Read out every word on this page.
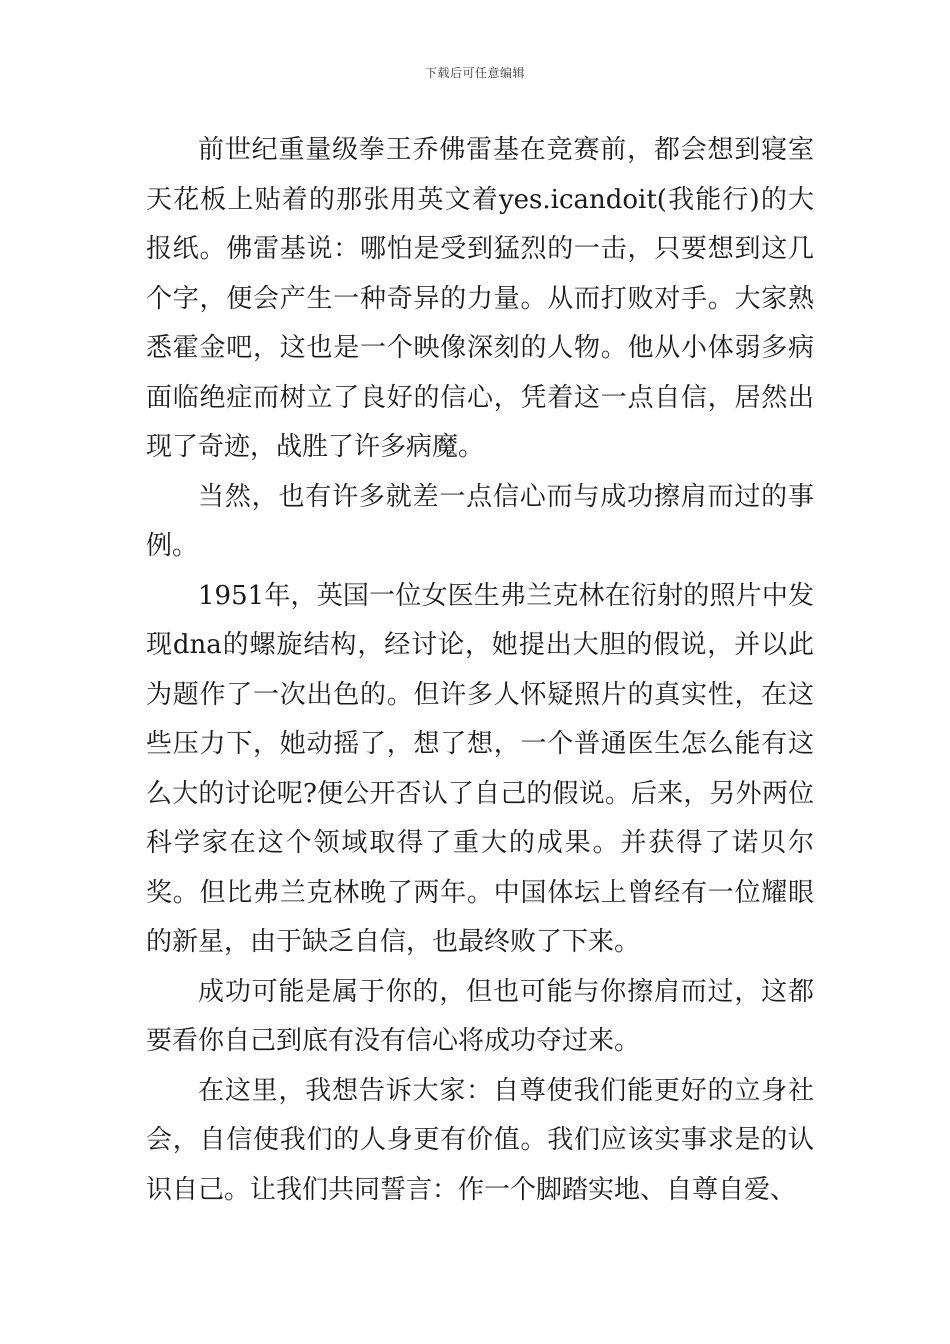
下载后可任意编辑

前世纪重量级拳王乔佛雷基在竞赛前，都会想到寝室天花板上贴着的那张用英文着yes.icandoit(我能行)的大报纸。佛雷基说：哪怕是受到猛烈的一击，只要想到这几个字，便会产生一种奇异的力量。从而打败对手。大家熟悉霍金吧，这也是一个映像深刻的人物。他从小体弱多病面临绝症而树立了良好的信心，凭着这一点自信，居然出现了奇迹，战胜了许多病魔。

当然，也有许多就差一点信心而与成功擦肩而过的事例。

1951年，英国一位女医生弗兰克林在衍射的照片中发现dna的螺旋结构，经讨论，她提出大胆的假说，并以此为题作了一次出色的。但许多人怀疑照片的真实性，在这些压力下，她动摇了，想了想，一个普通医生怎么能有这么大的讨论呢?便公开否认了自己的假说。后来，另外两位科学家在这个领域取得了重大的成果。并获得了诺贝尔奖。但比弗兰克林晚了两年。中国体坛上曾经有一位耀眼的新星，由于缺乏自信，也最终败了下来。

成功可能是属于你的，但也可能与你擦肩而过，这都要看你自己到底有没有信心将成功夺过来。

在这里，我想告诉大家：自尊使我们能更好的立身社会，自信使我们的人身更有价值。我们应该实事求是的认识自己。让我们共同誓言：作一个脚踏实地、自尊自爱、
